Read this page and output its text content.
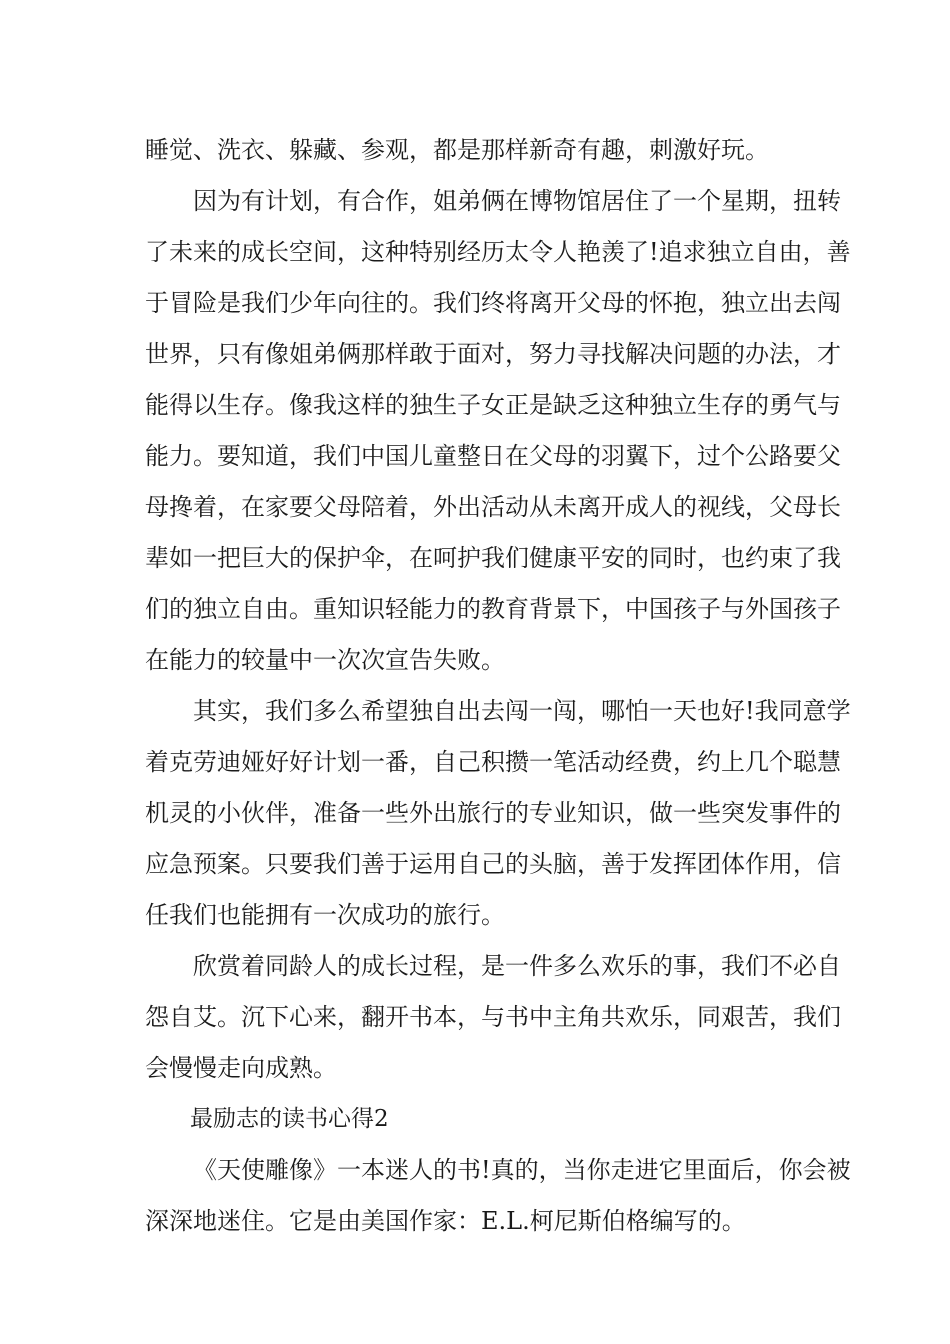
睡觉、洗衣、躲藏、参观，都是那样新奇有趣，刺激好玩。
因为有计划，有合作，姐弟俩在博物馆居住了一个星期，扭转
了未来的成长空间，这种特别经历太令人艳羡了!追求独立自由，善
于冒险是我们少年向往的。我们终将离开父母的怀抱，独立出去闯
世界，只有像姐弟俩那样敢于面对，努力寻找解决问题的办法，才
能得以生存。像我这样的独生子女正是缺乏这种独立生存的勇气与
能力。要知道，我们中国儿童整日在父母的羽翼下，过个公路要父
母搀着，在家要父母陪着，外出活动从未离开成人的视线，父母长
辈如一把巨大的保护伞，在呵护我们健康平安的同时，也约束了我
们的独立自由。重知识轻能力的教育背景下，中国孩子与外国孩子
在能力的较量中一次次宣告失败。
其实，我们多么希望独自出去闯一闯，哪怕一天也好!我同意学
着克劳迪娅好好计划一番，自己积攒一笔活动经费，约上几个聪慧
机灵的小伙伴，准备一些外出旅行的专业知识，做一些突发事件的
应急预案。只要我们善于运用自己的头脑，善于发挥团体作用，信
任我们也能拥有一次成功的旅行。
欣赏着同龄人的成长过程，是一件多么欢乐的事，我们不必自
怨自艾。沉下心来，翻开书本，与书中主角共欢乐，同艰苦，我们
会慢慢走向成熟。
最励志的读书心得2
《天使雕像》一本迷人的书!真的，当你走进它里面后，你会被
深深地迷住。它是由美国作家：E.L.柯尼斯伯格编写的。
